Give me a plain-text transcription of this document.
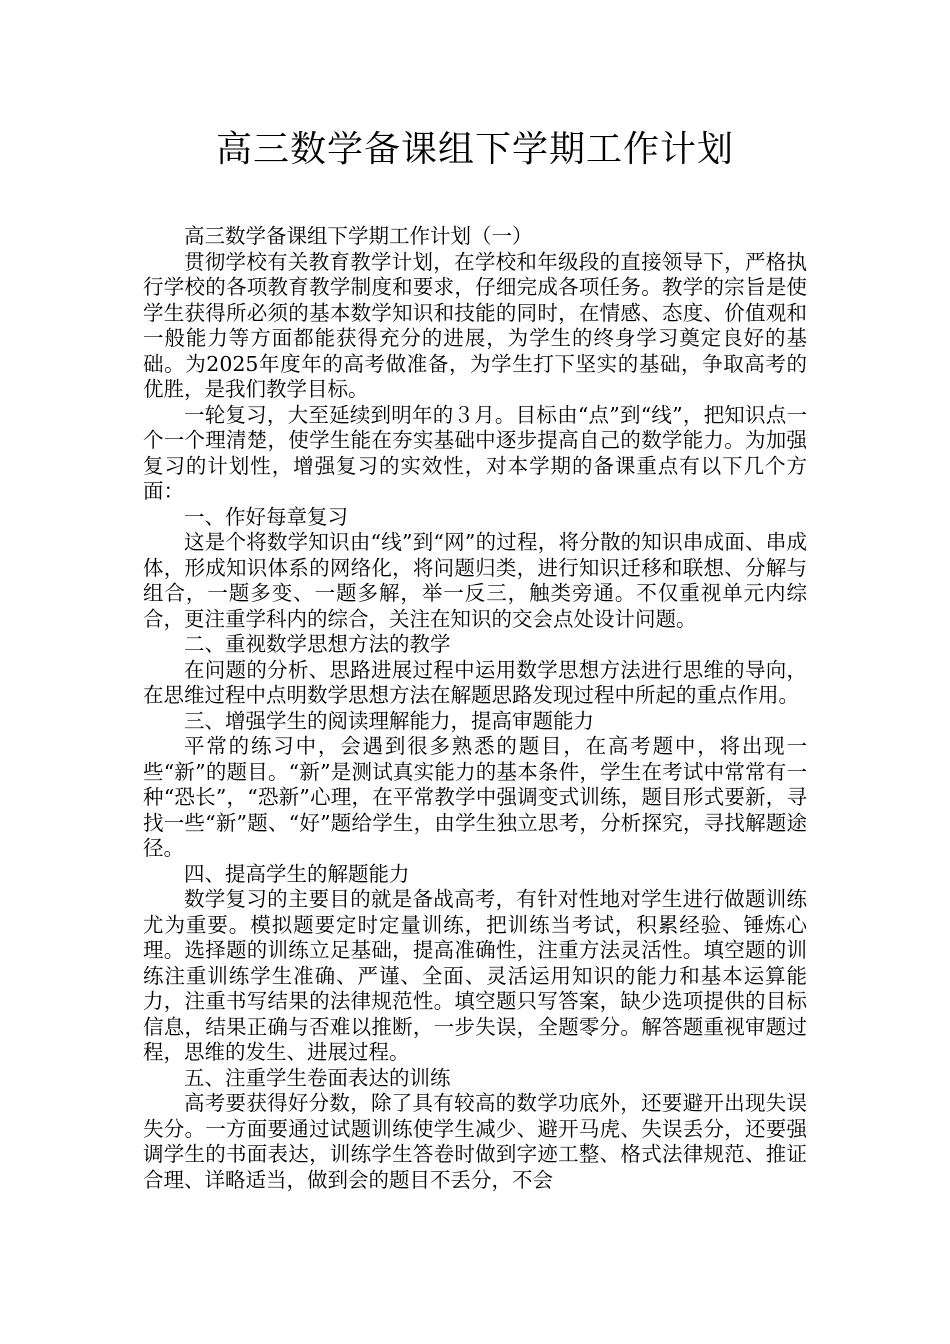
高三数学备课组下学期工作计划

高三数学备课组下学期工作计划（一）

贯彻学校有关教育教学计划，在学校和年级段的直接领导下，严格执行学校的各项教育教学制度和要求，仔细完成各项任务。教学的宗旨是使学生获得所必须的基本数学知识和技能的同时，在情感、态度、价值观和一般能力等方面都能获得充分的进展，为学生的终身学习奠定良好的基础。为2025年度年的高考做准备，为学生打下坚实的基础，争取高考的优胜，是我们教学目标。

一轮复习，大至延续到明年的３月。目标由“点”到“线”，把知识点一个一个理清楚，使学生能在夯实基础中逐步提高自己的数学能力。为加强复习的计划性，增强复习的实效性，对本学期的备课重点有以下几个方面：

一、作好每章复习

这是个将数学知识由“线”到“网”的过程，将分散的知识串成面、串成体，形成知识体系的网络化，将问题归类，进行知识迁移和联想、分解与组合，一题多变、一题多解，举一反三，触类旁通。不仅重视单元内综合，更注重学科内的综合，关注在知识的交会点处设计问题。

二、重视数学思想方法的教学

在问题的分析、思路进展过程中运用数学思想方法进行思维的导向，在思维过程中点明数学思想方法在解题思路发现过程中所起的重点作用。

三、增强学生的阅读理解能力，提高审题能力

平常的练习中，会遇到很多熟悉的题目，在高考题中，将出现一些“新”的题目。“新”是测试真实能力的基本条件，学生在考试中常常有一种“恐长”，“恐新”心理，在平常教学中强调变式训练，题目形式要新，寻找一些“新”题、“好”题给学生，由学生独立思考，分析探究，寻找解题途径。

四、提高学生的解题能力

数学复习的主要目的就是备战高考，有针对性地对学生进行做题训练尤为重要。模拟题要定时定量训练，把训练当考试，积累经验、锤炼心理。选择题的训练立足基础，提高准确性，注重方法灵活性。填空题的训练注重训练学生准确、严谨、全面、灵活运用知识的能力和基本运算能力，注重书写结果的法律规范性。填空题只写答案，缺少选项提供的目标信息，结果正确与否难以推断，一步失误，全题零分。解答题重视审题过程，思维的发生、进展过程。

五、注重学生卷面表达的训练

高考要获得好分数，除了具有较高的数学功底外，还要避开出现失误失分。一方面要通过试题训练使学生减少、避开马虎、失误丢分，还要强调学生的书面表达，训练学生答卷时做到字迹工整、格式法律规范、推证合理、详略适当，做到会的题目不丢分，不会
